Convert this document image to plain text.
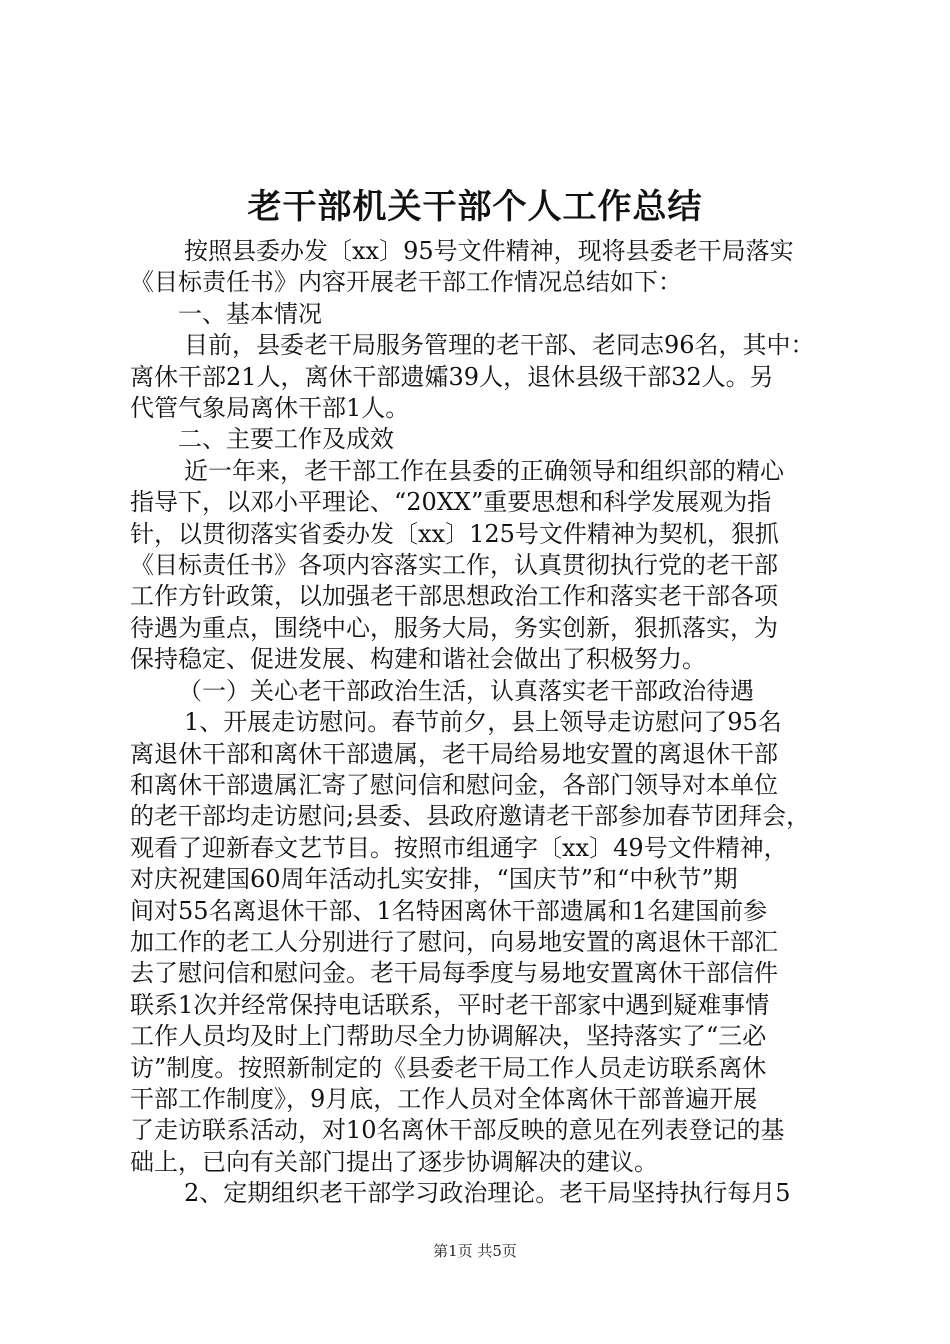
老干部机关干部个人工作总结
按照县委办发〔xx〕95号文件精神，现将县委老干局落实
《目标责任书》内容开展老干部工作情况总结如下：
一、基本情况
目前，县委老干局服务管理的老干部、老同志96名，其中：
离休干部21人，离休干部遗孀39人，退休县级干部32人。另
代管气象局离休干部1人。
二、主要工作及成效
近一年来，老干部工作在县委的正确领导和组织部的精心
指导下，以邓小平理论、“20XX”重要思想和科学发展观为指
针，以贯彻落实省委办发〔xx〕125号文件精神为契机，狠抓
《目标责任书》各项内容落实工作，认真贯彻执行党的老干部
工作方针政策，以加强老干部思想政治工作和落实老干部各项
待遇为重点，围绕中心，服务大局，务实创新，狠抓落实，为
保持稳定、促进发展、构建和谐社会做出了积极努力。
（一）关心老干部政治生活，认真落实老干部政治待遇
1、开展走访慰问。春节前夕，县上领导走访慰问了95名
离退休干部和离休干部遗属，老干局给易地安置的离退休干部
和离休干部遗属汇寄了慰问信和慰问金，各部门领导对本单位
的老干部均走访慰问;县委、县政府邀请老干部参加春节团拜会，
观看了迎新春文艺节目。按照市组通字〔xx〕49号文件精神，
对庆祝建国60周年活动扎实安排，“国庆节”和“中秋节”期
间对55名离退休干部、1名特困离休干部遗属和1名建国前参
加工作的老工人分别进行了慰问，向易地安置的离退休干部汇
去了慰问信和慰问金。老干局每季度与易地安置离休干部信件
联系1次并经常保持电话联系，平时老干部家中遇到疑难事情
工作人员均及时上门帮助尽全力协调解决，坚持落实了“三必
访”制度。按照新制定的《县委老干局工作人员走访联系离休
干部工作制度》，9月底，工作人员对全体离休干部普遍开展
了走访联系活动，对10名离休干部反映的意见在列表登记的基
础上，已向有关部门提出了逐步协调解决的建议。
2、定期组织老干部学习政治理论。老干局坚持执行每月5
第1页 共5页
